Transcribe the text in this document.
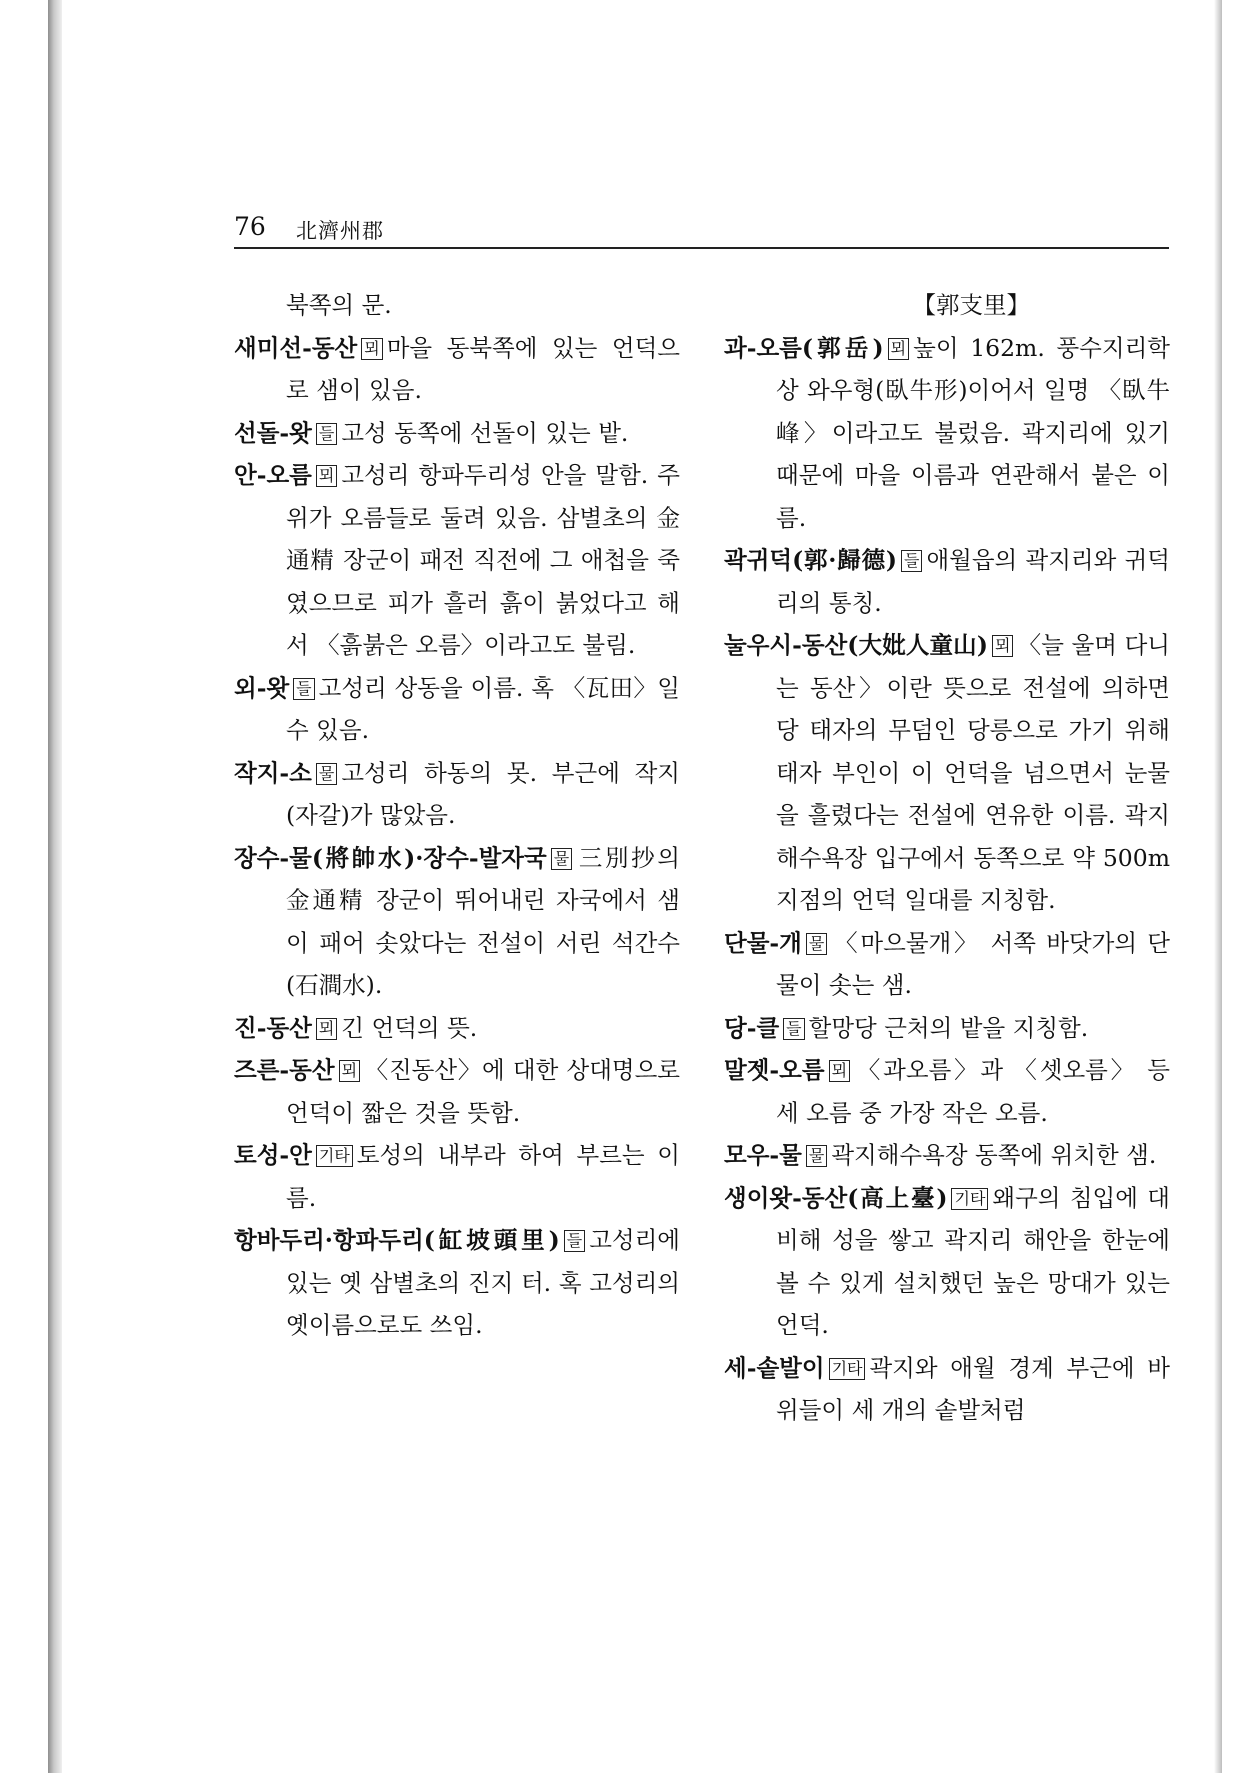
76 北濟州郡
북쪽의 문.
새미선-동산 뫼 마을 동북쪽에 있는 언덕으로 샘이 있음.
선돌-왓 들 고성 동쪽에 선돌이 있는 밭.
안-오름 뫼 고성리 항파두리성 안을 말함. 주위가 오름들로 둘려 있음. 삼별초의 金通精 장군이 패전 직전에 그 애첩을 죽였으므로 피가 흘러 흙이 붉었다고 해서 〈흙붉은 오름〉이라고도 불림.
외-왓 들 고성리 상동을 이름. 혹 〈瓦田〉일 수 있음.
작지-소 물 고성리 하동의 못. 부근에 작지(자갈)가 많았음.
장수-물(將帥水)·장수-발자국 물 三別抄의 金通精 장군이 뛰어내린 자국에서 샘이 패어 솟았다는 전설이 서린 석간수(石澗水).
진-동산 뫼 긴 언덕의 뜻.
즈른-동산 뫼 〈진동산〉에 대한 상대명으로 언덕이 짧은 것을 뜻함.
토성-안 기타 토성의 내부라 하여 부르는 이름.
항바두리·항파두리(缸坡頭里) 들 고성리에 있는 옛 삼별초의 진지 터. 혹 고성리의 옛이름으로도 쓰임.
【郭支里】
과-오름(郭岳) 뫼 높이 162m. 풍수지리학상 와우형(臥牛形)이어서 일명 〈臥牛峰〉이라고도 불렀음. 곽지리에 있기 때문에 마을 이름과 연관해서 붙은 이름.
곽귀덕(郭·歸德) 들 애월읍의 곽지리와 귀덕리의 통칭.
눌우시-동산(大妣人童山) 뫼 〈늘 울며 다니는 동산〉이란 뜻으로 전설에 의하면 당 태자의 무덤인 당릉으로 가기 위해 태자 부인이 이 언덕을 넘으면서 눈물을 흘렸다는 전설에 연유한 이름. 곽지해수욕장 입구에서 동쪽으로 약 500m 지점의 언덕 일대를 지칭함.
단물-개 물 〈마으물개〉 서쪽 바닷가의 단물이 솟는 샘.
당-클 들 할망당 근처의 밭을 지칭함.
말젯-오름 뫼 〈과오름〉과 〈셋오름〉 등 세 오름 중 가장 작은 오름.
모우-물 물 곽지해수욕장 동쪽에 위치한 샘.
생이왓-동산(高上臺) 기타 왜구의 침입에 대비해 성을 쌓고 곽지리 해안을 한눈에 볼 수 있게 설치했던 높은 망대가 있는 언덕.
세-솥발이 기타 곽지와 애월 경계 부근에 바위들이 세 개의 솥발처럼
